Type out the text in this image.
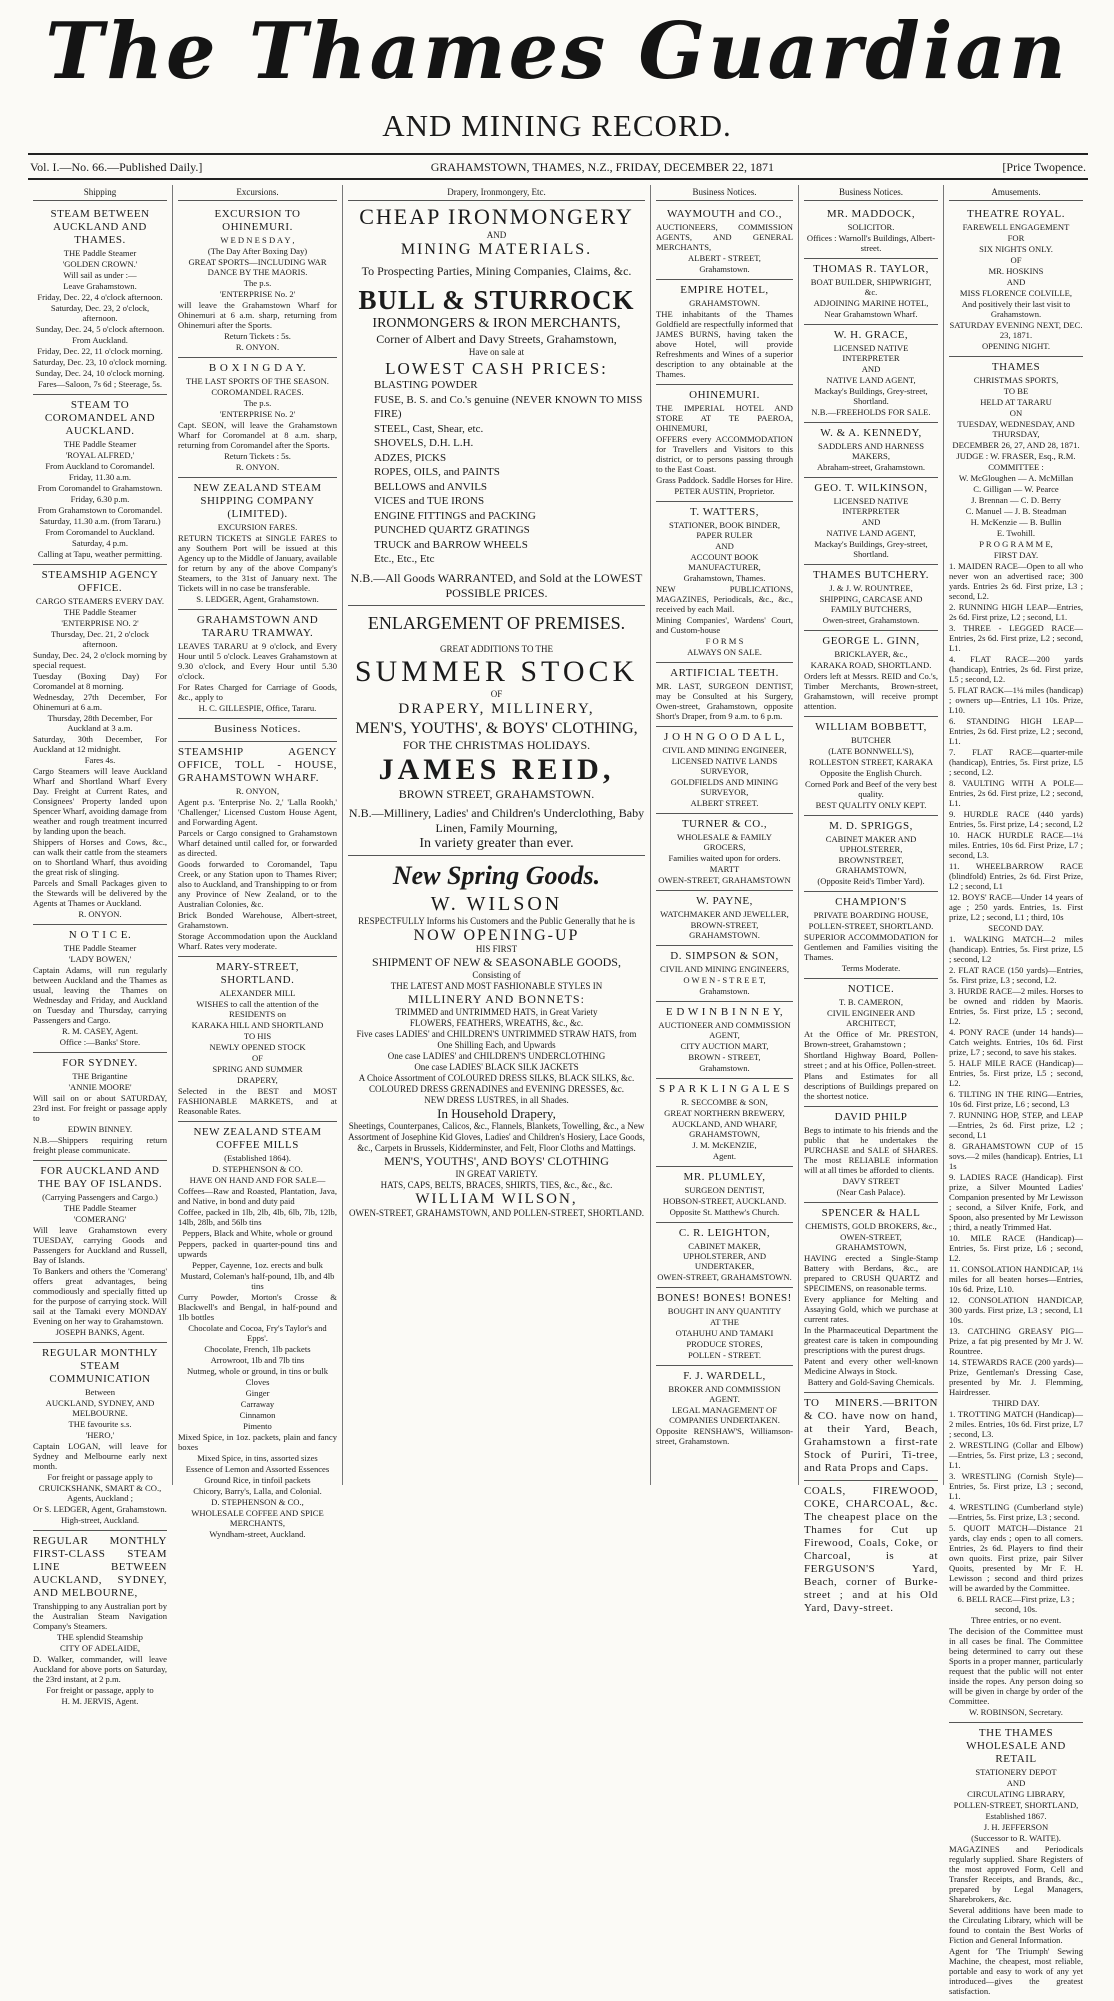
The Thames Guardian
AND MINING RECORD.
Vol. I.—No. 66.—Published Daily.]	GRAHAMSTOWN, THAMES, N.Z., FRIDAY, DECEMBER 22, 1871	[Price Twopence.
Shipping
STEAM BETWEEN AUCKLAND AND THAMES.
THE Paddle Steamer
'GOLDEN CROWN.'
Will sail as under :—
Leave Grahamstown.
Friday, Dec. 22, 4 o'clock afternoon.
Saturday, Dec. 23, 2 o'clock, afternoon.
Sunday, Dec. 24, 5 o'clock afternoon.
From Auckland.
Friday, Dec. 22, 11 o'clock morning.
Saturday, Dec. 23, 10 o'clock morning.
Sunday, Dec. 24, 10 o'clock morning.
Fares—Saloon, 7s 6d ; Steerage, 5s.
STEAM TO COROMANDEL AND AUCKLAND.
THE Paddle Steamer
'ROYAL ALFRED,'
From Auckland to Coromandel.
Friday, 11.30 a.m.
From Coromandel to Grahamstown.
Friday, 6.30 p.m.
From Grahamstown to Coromandel.
Saturday, 11.30 a.m. (from Tararu.)
From Coromandel to Auckland.
Saturday, 4 p.m.
Calling at Tapu, weather permitting.
STEAMSHIP AGENCY OFFICE.
CARGO STEAMERS EVERY DAY.
THE Paddle Steamer
'ENTERPRISE NO. 2'
Thursday, Dec. 21, 2 o'clock afternoon.
Sunday, Dec. 24, 2 o'clock morning by special request.
Tuesday (Boxing Day) For Coromandel at 8 morning.
Wednesday, 27th December, For Ohinemuri at 6 a.m.
Thursday, 28th December, For Auckland at 3 a.m.
Saturday, 30th December, For Auckland at 12 midnight.
Fares 4s.
Cargo Steamers will leave Auckland Wharf and Shortland Wharf Every Day. Freight at Current Rates, and Consignees' Property landed upon Spencer Wharf, avoiding damage from weather and rough treatment incurred by landing upon the beach.
Shippers of Horses and Cows, &c., can walk their cattle from the steamers on to Shortland Wharf, thus avoiding the great risk of slinging.
Parcels and Small Packages given to the Stewards will be delivered by the Agents at Thames or Auckland.
R. ONYON.
N O T I C E.
THE Paddle Steamer
'LADY BOWEN,'
Captain Adams, will run regularly between Auckland and the Thames as usual, leaving the Thames on Wednesday and Friday, and Auckland on Tuesday and Thursday, carrying Passengers and Cargo.
R. M. CASEY, Agent.
Office :—Banks' Store.
FOR SYDNEY.
THE Brigantine
'ANNIE MOORE'
Will sail on or about SATURDAY, 23rd inst. For freight or passage apply to
EDWIN BINNEY.
N.B.—Shippers requiring return freight please communicate.
FOR AUCKLAND AND THE BAY OF ISLANDS.
(Carrying Passengers and Cargo.)
THE Paddle Steamer
'COMERANG'
Will leave Grahamstown every TUESDAY, carrying Goods and Passengers for Auckland and Russell, Bay of Islands.
To Bankers and others the 'Comerang' offers great advantages, being commodiously and specially fitted up for the purpose of carrying stock. Will sail at the Tamaki every MONDAY Evening on her way to Grahamstown.
JOSEPH BANKS, Agent.
REGULAR MONTHLY STEAM COMMUNICATION
Between
AUCKLAND, SYDNEY, AND MELBOURNE.
THE favourite s.s.
'HERO,'
Captain LOGAN, will leave for Sydney and Melbourne early next month.
For freight or passage apply to
CRUICKSHANK, SMART & CO., Agents, Auckland ;
Or S. LEDGER, Agent, Grahamstown.
High-street, Auckland.
REGULAR MONTHLY FIRST-CLASS STEAM LINE BETWEEN AUCKLAND, SYDNEY, AND MELBOURNE,
Transhipping to any Australian port by the Australian Steam Navigation Company's Steamers.
THE splendid Steamship
CITY OF ADELAIDE,
D. Walker, commander, will leave Auckland for above ports on Saturday, the 23rd instant, at 2 p.m.
For freight or passage, apply to
H. M. JERVIS, Agent.
Excursions.
EXCURSION TO OHINEMURI.
W E D N E S D A Y ,
(The Day After Boxing Day)
GREAT SPORTS—INCLUDING WAR DANCE BY THE MAORIS.
The p.s.
'ENTERPRISE No. 2'
will leave the Grahamstown Wharf for Ohinemuri at 6 a.m. sharp, returning from Ohinemuri after the Sports.
Return Tickets : 5s.
R. ONYON.
B O X I N G D A Y.
THE LAST SPORTS OF THE SEASON.
COROMANDEL RACES.
The p.s.
'ENTERPRISE No. 2'
Capt. SEON, will leave the Grahamstown Wharf for Coromandel at 8 a.m. sharp, returning from Coromandel after the Sports.
Return Tickets : 5s.
R. ONYON.
NEW ZEALAND STEAM SHIPPING COMPANY (LIMITED).
EXCURSION FARES.
RETURN TICKETS at SINGLE FARES to any Southern Port will be issued at this Agency up to the Middle of January, available for return by any of the above Company's Steamers, to the 31st of January next. The Tickets will in no case be transferable.
S. LEDGER, Agent, Grahamstown.
GRAHAMSTOWN AND TARARU TRAMWAY.
LEAVES TARARU at 9 o'clock, and Every Hour until 5 o'clock. Leaves Grahamstown at 9.30 o'clock, and Every Hour until 5.30 o'clock.
For Rates Charged for Carriage of Goods, &c., apply to
H. C. GILLESPIE, Office, Tararu.
Business Notices.
STEAMSHIP AGENCY OFFICE, TOLL - HOUSE, GRAHAMSTOWN WHARF.
R. ONYON,
Agent p.s. 'Enterprise No. 2,' 'Lalla Rookh,' 'Challenger,' Licensed Custom House Agent, and Forwarding Agent.
Parcels or Cargo consigned to Grahamstown Wharf detained until called for, or forwarded as directed.
Goods forwarded to Coromandel, Tapu Creek, or any Station upon to Thames River; also to Auckland, and Transhipping to or from any Province of New Zealand, or to the Australian Colonies, &c.
Brick Bonded Warehouse, Albert-street, Grahamstown.
Storage Accommodation upon the Auckland Wharf. Rates very moderate.
MARY-STREET, SHORTLAND.
ALEXANDER MILL
WISHES to call the attention of the RESIDENTS on
KARAKA HILL AND SHORTLAND
TO HIS
NEWLY OPENED STOCK
OF
SPRING AND SUMMER
DRAPERY,
Selected in the BEST and MOST FASHIONABLE MARKETS, and at Reasonable Rates.
NEW ZEALAND STEAM COFFEE MILLS
(Established 1864).
D. STEPHENSON & CO.
HAVE ON HAND AND FOR SALE—
Coffees—Raw and Roasted, Plantation, Java, and Native, in bond and duty paid
Coffee, packed in 1lb, 2lb, 4lb, 6lb, 7lb, 12lb, 14lb, 28lb, and 56lb tins
Peppers, Black and White, whole or ground
Peppers, packed in quarter-pound tins and upwards
Pepper, Cayenne, 1oz. erects and bulk
Mustard, Coleman's half-pound, 1lb, and 4lb tins
Curry Powder, Morton's Crosse & Blackwell's and Bengal, in half-pound and 1lb bottles
Chocolate and Cocoa, Fry's Taylor's and Epps'.
Chocolate, French, 1lb packets
Arrowroot, 1lb and 7lb tins
Nutmeg, whole or ground, in tins or bulk
Cloves
Ginger
Carraway
Cinnamon
Pimento
Mixed Spice, in 1oz. packets, plain and fancy boxes
Mixed Spice, in tins, assorted sizes
Essence of Lemon and Assorted Essences
Ground Rice, in tinfoil packets
Chicory, Barry's, Lalla, and Colonial.
D. STEPHENSON & CO.,
WHOLESALE COFFEE AND SPICE MERCHANTS,
Wyndham-street, Auckland.
Drapery, Ironmongery, Etc.
CHEAP IRONMONGERY
AND
MINING MATERIALS.
To Prospecting Parties, Mining Companies, Claims, &c.
BULL & STURROCK
IRONMONGERS & IRON MERCHANTS,
Corner of Albert and Davy Streets, Grahamstown,
Have on sale at
LOWEST CASH PRICES:
BLASTING POWDER
FUSE, B. S. and Co.'s genuine (NEVER KNOWN TO MISS FIRE)
STEEL, Cast, Shear, etc.
SHOVELS, D.H. L.H.
ADZES, PICKS
ROPES, OILS, and PAINTS
BELLOWS and ANVILS
VICES and TUE IRONS
ENGINE FITTINGS and PACKING
PUNCHED QUARTZ GRATINGS
TRUCK and BARROW WHEELS
Etc., Etc., Etc
N.B.—All Goods WARRANTED, and Sold at the LOWEST POSSIBLE PRICES.
ENLARGEMENT OF PREMISES.
GREAT ADDITIONS TO THE
SUMMER STOCK
OF
DRAPERY, MILLINERY,
MEN'S, YOUTHS', & BOYS' CLOTHING,
FOR THE CHRISTMAS HOLIDAYS.
JAMES REID,
BROWN STREET, GRAHAMSTOWN.
N.B.—Millinery, Ladies' and Children's Underclothing, Baby Linen, Family Mourning,
In variety greater than ever.
New Spring Goods.
W. WILSON
RESPECTFULLY Informs his Customers and the Public Generally that he is
NOW OPENING-UP
HIS FIRST
SHIPMENT OF NEW & SEASONABLE GOODS,
Consisting of
THE LATEST AND MOST FASHIONABLE STYLES IN
MILLINERY AND BONNETS:
TRIMMED and UNTRIMMED HATS, in Great Variety
FLOWERS, FEATHERS, WREATHS, &c., &c.
Five cases LADIES' and CHILDREN'S UNTRIMMED STRAW HATS, from One Shilling Each, and Upwards
One case LADIES' and CHILDREN'S UNDERCLOTHING
One case LADIES' BLACK SILK JACKETS
A Choice Assortment of COLOURED DRESS SILKS, BLACK SILKS, &c.
COLOURED DRESS GRENADINES and EVENING DRESSES, &c.
NEW DRESS LUSTRES, in all Shades.
In Household Drapery,
Sheetings, Counterpanes, Calicos, &c., Flannels, Blankets, Towelling, &c., a New Assortment of Josephine Kid Gloves, Ladies' and Children's Hosiery, Lace Goods, &c., Carpets in Brussels, Kidderminster, and Felt, Floor Cloths and Mattings.
MEN'S, YOUTHS', AND BOYS' CLOTHING
IN GREAT VARIETY.
HATS, CAPS, BELTS, BRACES, SHIRTS, TIES, &c., &c., &c.
WILLIAM WILSON,
OWEN-STREET, GRAHAMSTOWN, AND POLLEN-STREET, SHORTLAND.
Business Notices.
WAYMOUTH and CO.,
AUCTIONEERS, COMMISSION AGENTS, AND GENERAL MERCHANTS,
ALBERT - STREET,
Grahamstown.
EMPIRE HOTEL,
GRAHAMSTOWN.
THE inhabitants of the Thames Goldfield are respectfully informed that JAMES BURNS, having taken the above Hotel, will provide Refreshments and Wines of a superior description to any obtainable at the Thames.
OHINEMURI.
THE IMPERIAL HOTEL AND STORE AT TE PAEROA, OHINEMURI,
OFFERS every ACCOMMODATION for Travellers and Visitors to this district, or to persons passing through to the East Coast.
Grass Paddock. Saddle Horses for Hire.
PETER AUSTIN, Proprietor.
T. WATTERS,
STATIONER, BOOK BINDER, PAPER RULER
AND
ACCOUNT BOOK MANUFACTURER,
Grahamstown, Thames.
NEW PUBLICATIONS, MAGAZINES, Periodicals, &c., &c., received by each Mail.
Mining Companies', Wardens' Court, and Custom-house
F O R M S
ALWAYS ON SALE.
ARTIFICIAL TEETH.
MR. LAST, SURGEON DENTIST, may be Consulted at his Surgery, Owen-street, Grahamstown, opposite Short's Draper, from 9 a.m. to 6 p.m.
J O H N G O O D A L L,
CIVIL AND MINING ENGINEER,
LICENSED NATIVE LANDS SURVEYOR,
GOLDFIELDS AND MINING SURVEYOR,
ALBERT STREET.
TURNER & CO.,
WHOLESALE & FAMILY GROCERS,
Families waited upon for orders.
MARTT
OWEN-STREET, GRAHAMSTOWN
W. PAYNE,
WATCHMAKER AND JEWELLER,
BROWN-STREET, GRAHAMSTOWN.
D. SIMPSON & SON,
CIVIL AND MINING ENGINEERS,
O W E N - S T R E E T,
Grahamstown.
E D W I N B I N N E Y,
AUCTIONEER AND COMMISSION AGENT,
CITY AUCTION MART,
BROWN - STREET,
Grahamstown.
S P A R K L I N G A L E S
R. SECCOMBE & SON,
GREAT NORTHERN BREWERY,
AUCKLAND, AND WHARF, GRAHAMSTOWN,
J. M. McKENZIE,
Agent.
MR. PLUMLEY,
SURGEON DENTIST,
HOBSON-STREET, AUCKLAND.
Opposite St. Matthew's Church.
C. R. LEIGHTON,
CABINET MAKER, UPHOLSTERER, AND UNDERTAKER,
OWEN-STREET, GRAHAMSTOWN.
BONES! BONES! BONES!
BOUGHT IN ANY QUANTITY
AT THE
OTAHUHU AND TAMAKI
PRODUCE STORES,
POLLEN - STREET.
F. J. WARDELL,
BROKER AND COMMISSION AGENT.
LEGAL MANAGEMENT OF COMPANIES UNDERTAKEN.
Opposite RENSHAW'S, Williamson-street, Grahamstown.
Business Notices.
MR. MADDOCK,
SOLICITOR.
Offices : Warnoll's Buildings, Albert-street.
THOMAS R. TAYLOR,
BOAT BUILDER, SHIPWRIGHT, &c.
ADJOINING MARINE HOTEL,
Near Grahamstown Wharf.
W. H. GRACE,
LICENSED NATIVE INTERPRETER
AND
NATIVE LAND AGENT,
Mackay's Buildings, Grey-street, Shortland.
N.B.—FREEHOLDS FOR SALE.
W. & A. KENNEDY,
SADDLERS AND HARNESS MAKERS,
Abraham-street, Grahamstown.
GEO. T. WILKINSON,
LICENSED NATIVE INTERPRETER
AND
NATIVE LAND AGENT,
Mackay's Buildings, Grey-street, Shortland.
THAMES BUTCHERY.
J. & J. W. ROUNTREE,
SHIPPING, CARCASE AND FAMILY BUTCHERS,
Owen-street, Grahamstown.
GEORGE L. GINN,
BRICKLAYER, &c.,
KARAKA ROAD, SHORTLAND.
Orders left at Messrs. REID and Co.'s, Timber Merchants, Brown-street, Grahamstown, will receive prompt attention.
WILLIAM BOBBETT,
BUTCHER
(LATE BONNWELL'S),
ROLLESTON STREET, KARAKA
Opposite the English Church.
Corned Pork and Beef of the very best quality.
BEST QUALITY ONLY KEPT.
M. D. SPRIGGS,
CABINET MAKER AND UPHOLSTERER,
BROWNSTREET, GRAHAMSTOWN,
(Opposite Reid's Timber Yard).
CHAMPION'S
PRIVATE BOARDING HOUSE,
POLLEN-STREET, SHORTLAND.
SUPERIOR ACCOMMODATION for Gentlemen and Families visiting the Thames.
Terms Moderate.
NOTICE.
T. B. CAMERON,
CIVIL ENGINEER AND ARCHITECT,
At the Office of Mr. PRESTON, Brown-street, Grahamstown ;
Shortland Highway Board, Pollen-street ; and at his Office, Pollen-street.
Plans and Estimates for all descriptions of Buildings prepared on the shortest notice.
DAVID PHILP
Begs to intimate to his friends and the public that he undertakes the PURCHASE and SALE of SHARES. The most RELIABLE information will at all times be afforded to clients.
DAVY STREET
(Near Cash Palace).
SPENCER & HALL
CHEMISTS, GOLD BROKERS, &c.,
OWEN-STREET, GRAHAMSTOWN,
HAVING erected a Single-Stamp Battery with Berdans, &c., are prepared to CRUSH QUARTZ and SPECIMENS, on reasonable terms.
Every appliance for Melting and Assaying Gold, which we purchase at current rates.
In the Pharmaceutical Department the greatest care is taken in compounding prescriptions with the purest drugs.
Patent and every other well-known Medicine Always in Stock.
Battery and Gold-Saving Chemicals.
TO MINERS.—BRITON & CO. have now on hand, at their Yard, Beach, Grahamstown a first-rate Stock of Puriri, Ti-tree, and Rata Props and Caps.
COALS, FIREWOOD, COKE, CHARCOAL, &c. The cheapest place on the Thames for Cut up Firewood, Coals, Coke, or Charcoal, is at FERGUSON'S Yard, Beach, corner of Burke-street ; and at his Old Yard, Davy-street.
Amusements.
THEATRE ROYAL.
FAREWELL ENGAGEMENT
FOR
SIX NIGHTS ONLY.
OF
MR. HOSKINS
AND
MISS FLORENCE COLVILLE,
And positively their last visit to Grahamstown.
SATURDAY EVENING NEXT, DEC. 23, 1871.
OPENING NIGHT.
THAMES
CHRISTMAS SPORTS,
TO BE
HELD AT TARARU
ON
TUESDAY, WEDNESDAY, AND THURSDAY,
DECEMBER 26, 27, AND 28, 1871.
JUDGE : W. FRASER, Esq., R.M.
COMMITTEE :
W. McGloughen — A. McMillan
C. Gilligan — W. Pearce
J. Brennan — C. D. Berry
C. Manuel — J. B. Steadman
H. McKenzie — B. Bullin
E. Twohill.
P R O G R A M M E,
FIRST DAY.
1. MAIDEN RACE—Open to all who never won an advertised race; 300 yards. Entries 2s 6d. First prize, L3 ; second, L2.
2. RUNNING HIGH LEAP—Entries, 2s 6d. First prize, L2 ; second, L1.
3. THREE - LEGGED RACE—Entries, 2s 6d. First prize, L2 ; second, L1.
4. FLAT RACE—200 yards (handicap), Entries, 2s 6d. First prize, L5 ; second, L2.
5. FLAT RACK—1¼ miles (handicap) ; owners up—Entries, L1 10s. Prize, L10.
6. STANDING HIGH LEAP—Entries, 2s 6d. First prize, L2 ; second, L1.
7. FLAT RACE—quarter-mile (handicap), Entries, 5s. First prize, L5 ; second, L2.
8. VAULTING WITH A POLE—Entries, 2s 6d. First prize, L2 ; second, L1.
9. HURDLE RACE (440 yards) Entries, 5s. First prize, L4 ; second, L2
10. HACK HURDLE RACE—1¼ miles. Entries, 10s 6d. First Prize, L7 ; second, L3.
11. WHEELBARROW RACE (blindfold) Entries, 2s 6d. First Prize, L2 ; second, L1
12. BOYS' RACE—Under 14 years of age ; 250 yards. Entries, 1s. First prize, L2 ; second, L1 ; third, 10s
SECOND DAY.
1. WALKING MATCH—2 miles (handicap). Entries, 5s. First prize, L5 ; second, L2
2. FLAT RACE (150 yards)—Entries, 5s. First prize, L3 ; second, L2.
3. HURDE RACE—2 miles. Horses to be owned and ridden by Maoris. Entries, 5s. First prize, L5 ; second, L2.
4. PONY RACE (under 14 hands)—Catch weights. Entries, 10s 6d. First prize, L7 ; second, to save his stakes.
5. HALF MILE RACE (Handicap)—Entries, 5s. First prize, L5 ; second, L2.
6. TILTING IN THE RING—Entries, 10s 6d. First prize, L6 ; second, L3
7. RUNNING HOP, STEP, and LEAP—Entries, 2s 6d. First prize, L2 ; second, L1
8. GRAHAMSTOWN CUP of 15 sovs.—2 miles (handicap). Entries, L1 1s
9. LADIES RACE (Handicap). First prize, a Silver Mounted Ladies' Companion presented by Mr Lewisson ; second, a Silver Knife, Fork, and Spoon, also presented by Mr Lewisson ; third, a neatly Trimmed Hat.
10. MILE RACE (Handicap)—Entries, 5s. First prize, L6 ; second, L2.
11. CONSOLATION HANDICAP, 1¼ miles for all beaten horses—Entries, 10s 6d. Prize, L10.
12. CONSOLATION HANDICAP, 300 yards. First prize, L3 ; second, L1 10s.
13. CATCHING GREASY PIG—Prize, a fat pig presented by Mr J. W. Rountree.
14. STEWARDS RACE (200 yards)—Prize, Gentleman's Dressing Case, presented by Mr. J. Flemming, Hairdresser.
THIRD DAY.
1. TROTTING MATCH (Handicap)—2 miles. Entries, 10s 6d. First prize, L7 ; second, L3.
2. WRESTLING (Collar and Elbow)—Entries, 5s. First prize, L3 ; second, L1.
3. WRESTLING (Cornish Style)—Entries, 5s. First prize, L3 ; second, L1.
4. WRESTLING (Cumberland style)—Entries, 5s. First prize, L3 ; second.
5. QUOIT MATCH—Distance 21 yards, clay ends ; open to all comers. Entries, 2s 6d. Players to find their own quoits. First prize, pair Silver Quoits, presented by Mr F. H. Lewisson ; second and third prizes will be awarded by the Committee.
6. BELL RACE—First prize, L3 ; second, 10s.
Three entries, or no event.
The decision of the Committee must in all cases be final. The Committee being determined to carry out these Sports in a proper manner, particularly request that the public will not enter inside the ropes. Any person doing so will be given in charge by order of the Committee.
W. ROBINSON, Secretary.
THE THAMES WHOLESALE AND RETAIL
STATIONERY DEPOT
AND
CIRCULATING LIBRARY,
POLLEN-STREET, SHORTLAND,
Established 1867.
J. H. JEFFERSON
(Successor to R. WAITE).
MAGAZINES and Periodicals regularly supplied. Share Registers of the most approved Form, Cell and Transfer Receipts, and Brands, &c., prepared by Legal Managers, Sharebrokers, &c.
Several additions have been made to the Circulating Library, which will be found to contain the Best Works of Fiction and General Information.
Agent for 'The Triumph' Sewing Machine, the cheapest, most reliable, portable and easy to work of any yet introduced—gives the greatest satisfaction.
